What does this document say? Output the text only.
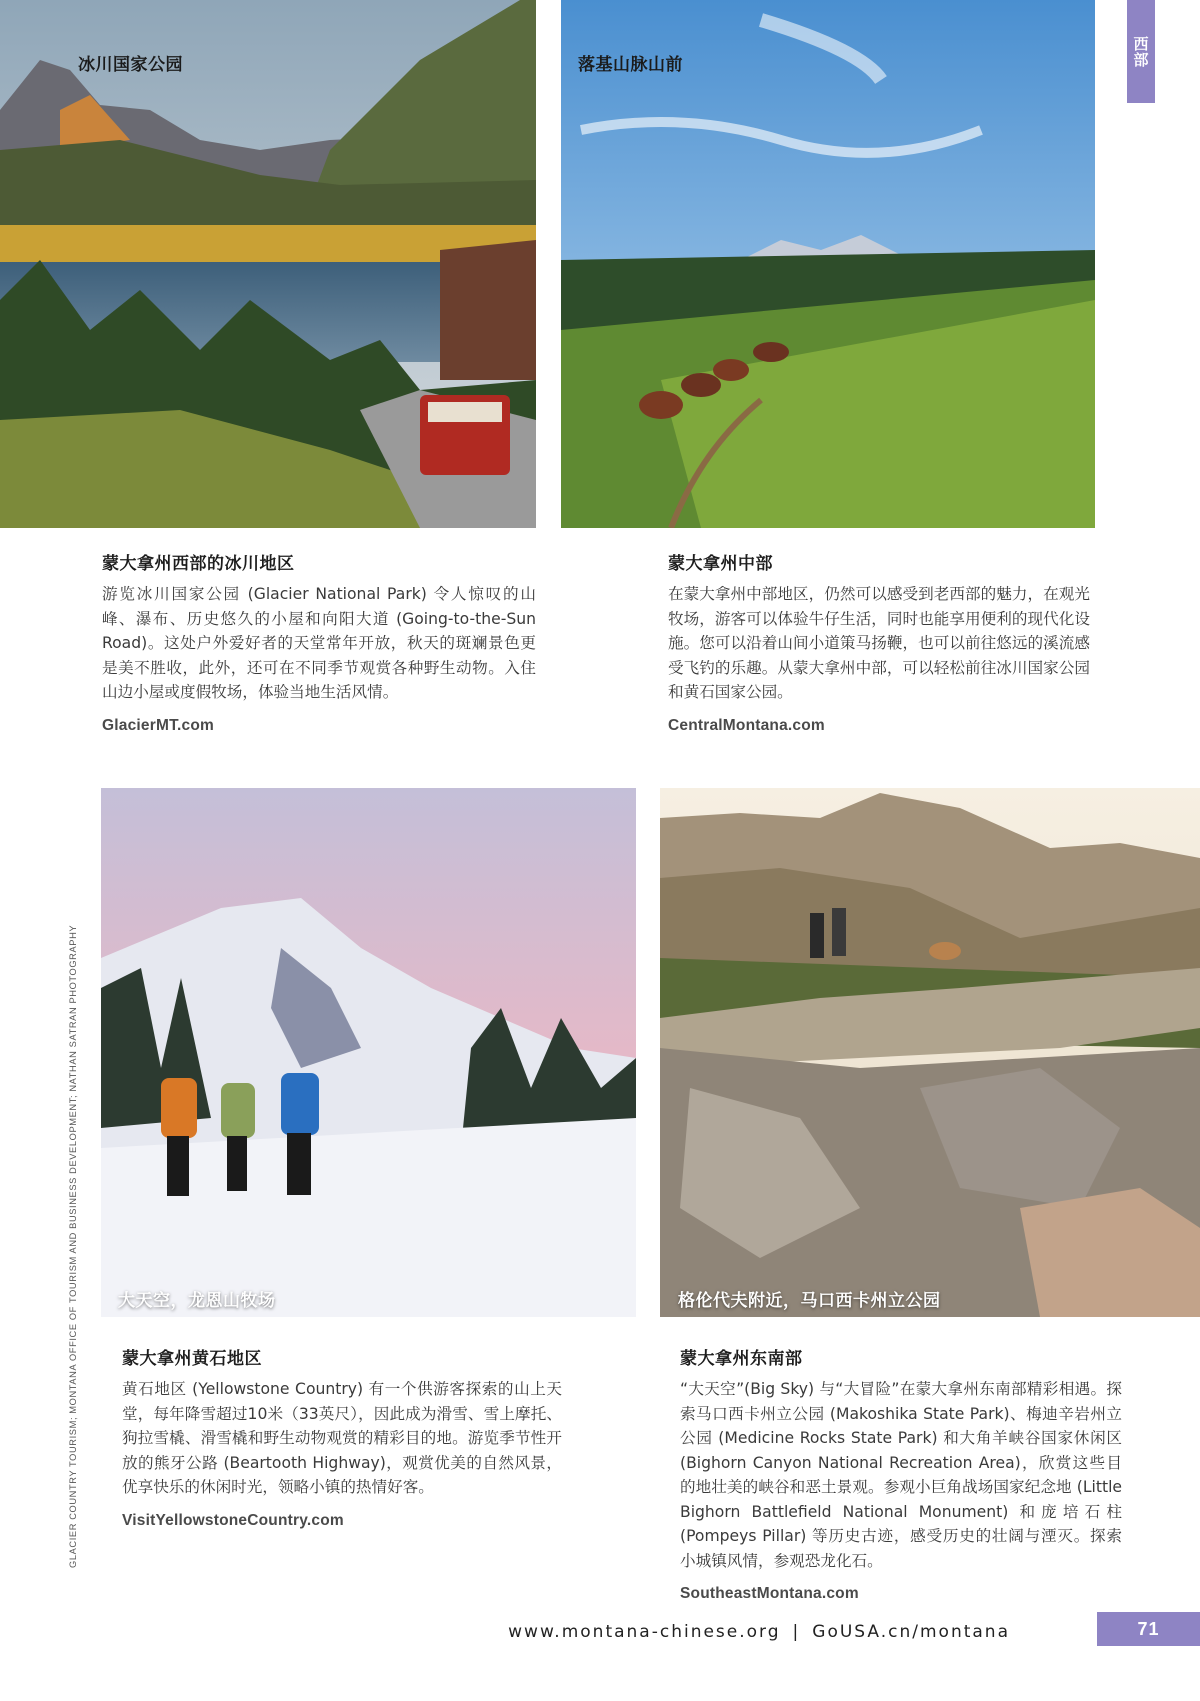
冰川国家公园	落基山脉山前	西部
蒙大拿州西部的冰川地区

游览冰川国家公园 (Glacier National Park) 令人惊叹的山峰、瀑布、历史悠久的小屋和向阳大道 (Going-to-the-Sun Road)。这处户外爱好者的天堂常年开放，秋天的斑斓景色更是美不胜收，此外，还可在不同季节观赏各种野生动物。入住山边小屋或度假牧场，体验当地生活风情。

GlacierMT.com
蒙大拿州中部

在蒙大拿州中部地区，仍然可以感受到老西部的魅力，在观光牧场，游客可以体验牛仔生活，同时也能享用便利的现代化设施。您可以沿着山间小道策马扬鞭，也可以前往悠远的溪流感受飞钓的乐趣。从蒙大拿州中部，可以轻松前往冰川国家公园和黄石国家公园。

CentralMontana.com
大天空，龙恩山牧场	格伦代夫附近，马口西卡州立公园
蒙大拿州黄石地区

黄石地区 (Yellowstone Country) 有一个供游客探索的山上天堂，每年降雪超过10米（33英尺），因此成为滑雪、雪上摩托、狗拉雪橇、滑雪橇和野生动物观赏的精彩目的地。游览季节性开放的熊牙公路 (Beartooth Highway)，观赏优美的自然风景，优享快乐的休闲时光，领略小镇的热情好客。

VisitYellowstoneCountry.com
蒙大拿州东南部

“大天空”(Big Sky) 与“大冒险”在蒙大拿州东南部精彩相遇。探索马口西卡州立公园 (Makoshika State Park)、梅迪辛岩州立公园 (Medicine Rocks State Park) 和大角羊峡谷国家休闲区 (Bighorn Canyon National Recreation Area)，欣赏这些目的地壮美的峡谷和恶土景观。参观小巨角战场国家纪念地 (Little Bighorn Battlefield National Monument) 和庞培石柱 (Pompeys Pillar) 等历史古迹，感受历史的壮阔与湮灭。探索小城镇风情，参观恐龙化石。

SoutheastMontana.com
GLACIER COUNTRY TOURISM; MONTANA OFFICE OF TOURISM AND BUSINESS DEVELOPMENT; NATHAN SATRAN PHOTOGRAPHY
www.montana-chinese.org | GoUSA.cn/montana	71
